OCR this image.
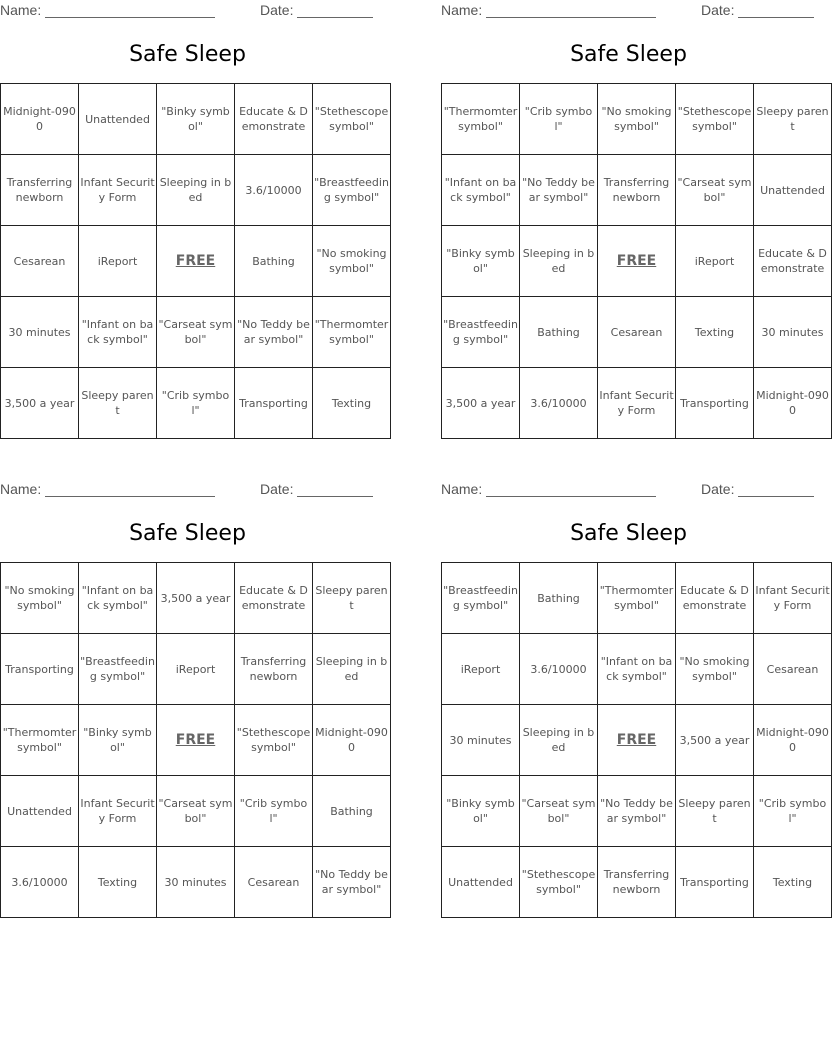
Name:	Date:
Safe Sleep
Midnight-0900	Unattended	"Binky symbol"	Educate & Demonstrate	"Stethescope symbol"
Transferring newborn	Infant Security Form	Sleeping in bed	3.6/10000	"Breastfeeding symbol"
Cesarean	iReport	FREE	Bathing	"No smoking symbol"
30 minutes	"Infant on back symbol"	"Carseat symbol"	"No Teddy bear symbol"	"Thermomter symbol"
3,500 a year	Sleepy parent	"Crib symbol"	Transporting	Texting
Name:	Date:
Safe Sleep
"Thermomter symbol"	"Crib symbol"	"No smoking symbol"	"Stethescope symbol"	Sleepy parent
"Infant on back symbol"	"No Teddy bear symbol"	Transferring newborn	"Carseat symbol"	Unattended
"Binky symbol"	Sleeping in bed	FREE	iReport	Educate & Demonstrate
"Breastfeeding symbol"	Bathing	Cesarean	Texting	30 minutes
3,500 a year	3.6/10000	Infant Security Form	Transporting	Midnight-0900
Name:	Date:
Safe Sleep
"No smoking symbol"	"Infant on back symbol"	3,500 a year	Educate & Demonstrate	Sleepy parent
Transporting	"Breastfeeding symbol"	iReport	Transferring newborn	Sleeping in bed
"Thermomter symbol"	"Binky symbol"	FREE	"Stethescope symbol"	Midnight-0900
Unattended	Infant Security Form	"Carseat symbol"	"Crib symbol"	Bathing
3.6/10000	Texting	30 minutes	Cesarean	"No Teddy bear symbol"
Name:	Date:
Safe Sleep
"Breastfeeding symbol"	Bathing	"Thermomter symbol"	Educate & Demonstrate	Infant Security Form
iReport	3.6/10000	"Infant on back symbol"	"No smoking symbol"	Cesarean
30 minutes	Sleeping in bed	FREE	3,500 a year	Midnight-0900
"Binky symbol"	"Carseat symbol"	"No Teddy bear symbol"	Sleepy parent	"Crib symbol"
Unattended	"Stethescope symbol"	Transferring newborn	Transporting	Texting
